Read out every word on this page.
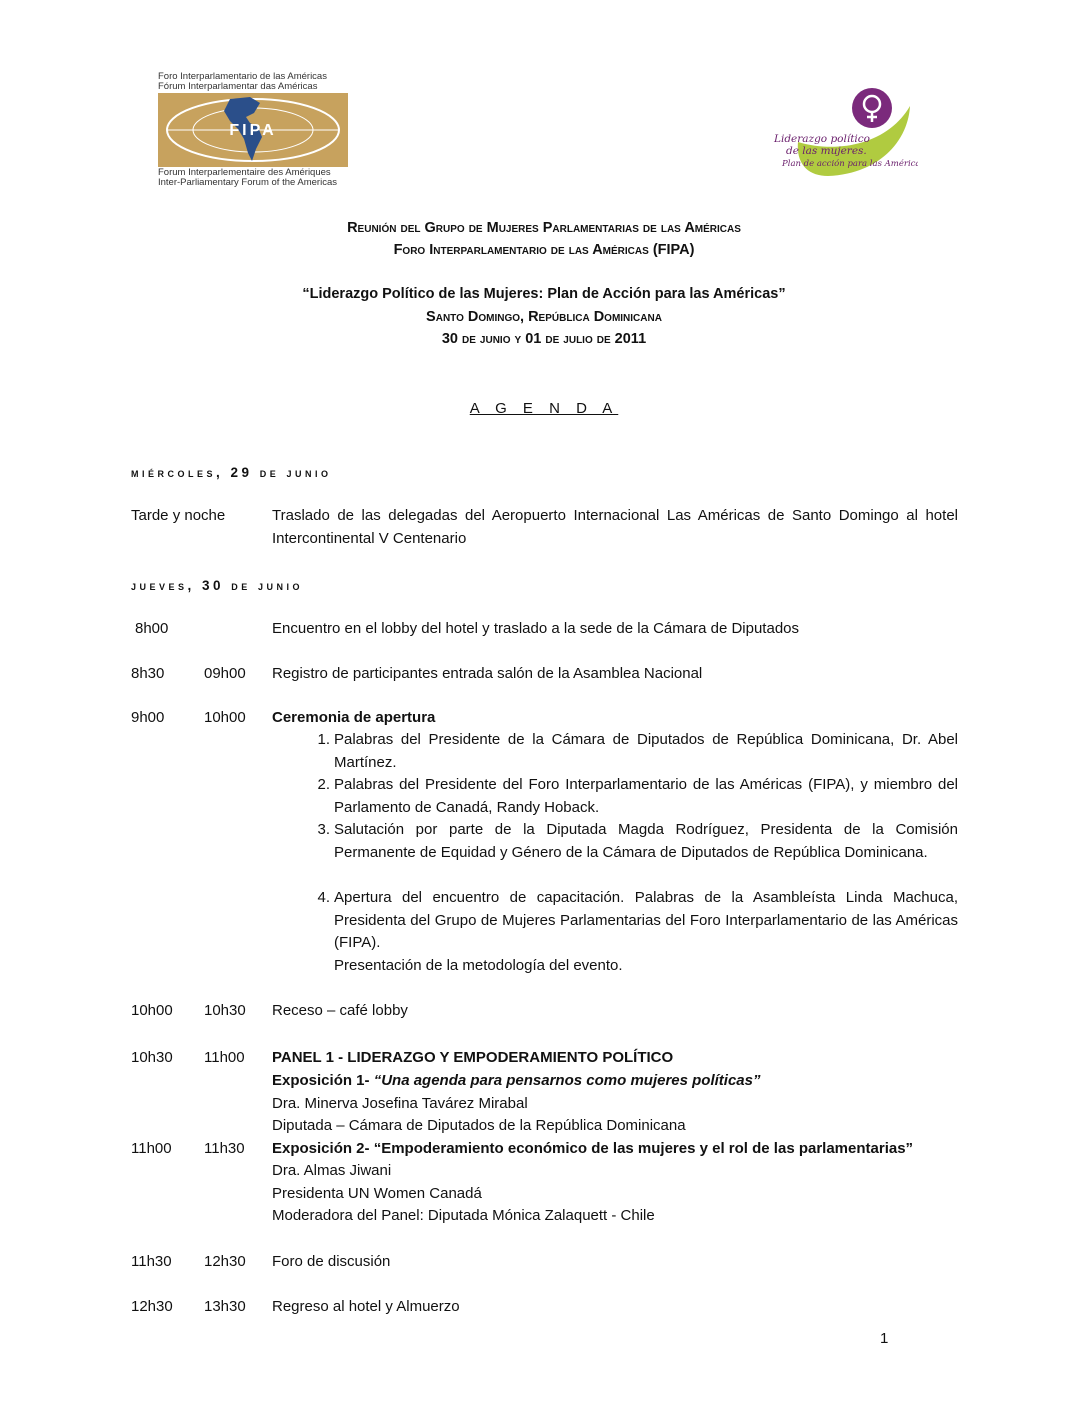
Foro Interparlamentario de las Américas
Fórum Interparlamentar das Américas
FIPA
Forum Interparlementaire des Amériques
Inter-Parliamentary Forum of the Americas
Liderazgo político
de las mujeres.
Plan de acción para las Américas
Reunión del Grupo de Mujeres Parlamentarias de las Américas
Foro Interparlamentario de las Américas (FIPA)
“Liderazgo Político de las Mujeres: Plan de Acción para las Américas”
Santo Domingo, República Dominicana
30 de junio y 01 de julio de 2011
A G E N D A
miércoles, 29 de junio
Tarde y noche	Traslado de las delegadas del Aeropuerto Internacional Las Américas de Santo Domingo al hotel Intercontinental V Centenario
jueves, 30 de junio
8h00	Encuentro en el lobby del hotel y traslado a la sede de la Cámara de Diputados
8h30	09h00 Registro de participantes entrada salón de la Asamblea Nacional
9h00	10h00 Ceremonia de apertura
1. Palabras del Presidente de la Cámara de Diputados de República Dominicana, Dr. Abel Martínez.
2. Palabras del Presidente del Foro Interparlamentario de las Américas (FIPA), y miembro del Parlamento de Canadá, Randy Hoback.
3. Salutación por parte de la Diputada Magda Rodríguez, Presidenta de la Comisión Permanente de Equidad y Género de la Cámara de Diputados de República Dominicana.
4. Apertura del encuentro de capacitación. Palabras de la Asambleísta Linda Machuca, Presidenta del Grupo de Mujeres Parlamentarias del Foro Interparlamentario de las Américas (FIPA).
Presentación de la metodología del evento.
10h00 10h30 Receso – café lobby
10h30 11h00 PANEL 1 - LIDERAZGO Y EMPODERAMIENTO POLÍTICO
Exposición 1- “Una agenda para pensarnos como mujeres políticas”
Dra. Minerva Josefina Tavárez Mirabal
Diputada – Cámara de Diputados de la República Dominicana
11h00 11h30 Exposición 2- “Empoderamiento económico de las mujeres y el rol de las parlamentarias”
Dra. Almas Jiwani
Presidenta UN Women Canadá
Moderadora del Panel: Diputada Mónica Zalaquett - Chile
11h30 12h30 Foro de discusión
12h30 13h30 Regreso al hotel y Almuerzo
1
